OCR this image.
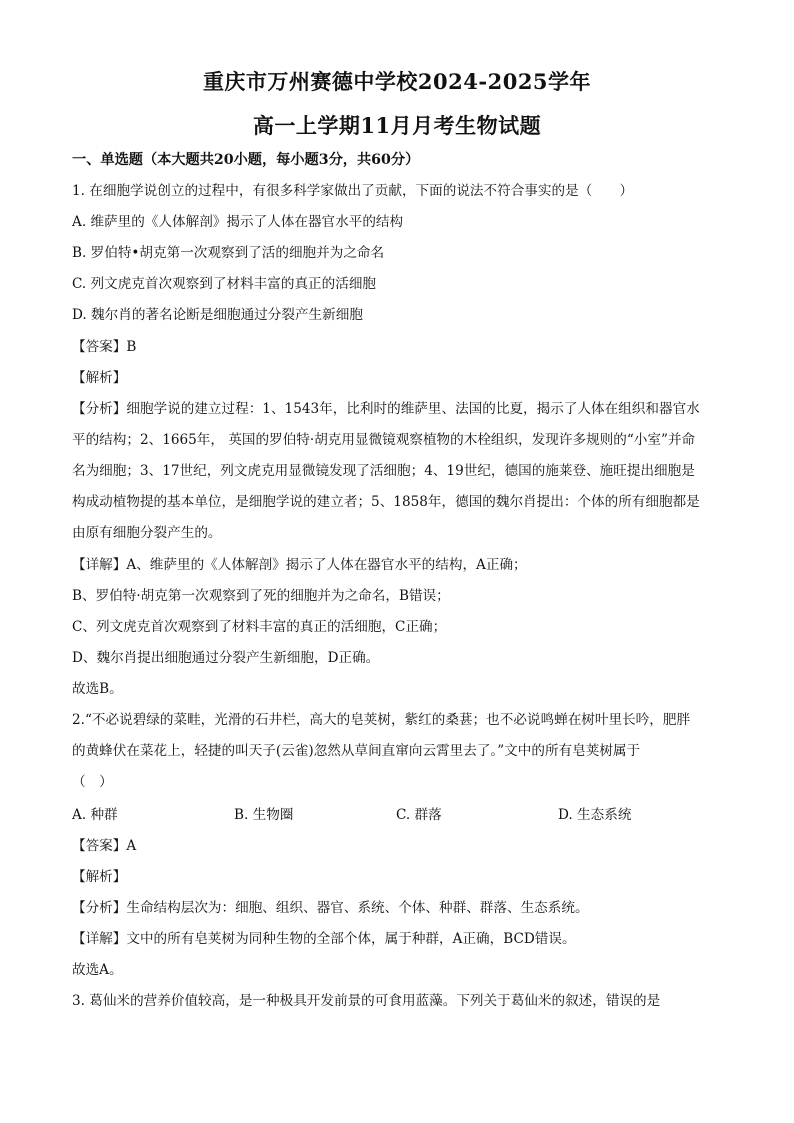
重庆市万州赛德中学校2024-2025学年
高一上学期11月月考生物试题
一、单选题（本大题共20小题，每小题3分，共60分）
1. 在细胞学说创立的过程中，有很多科学家做出了贡献，下面的说法不符合事实的是（　　）
A. 维萨里的《人体解剖》揭示了人体在器官水平的结构
B. 罗伯特•胡克第一次观察到了活的细胞并为之命名
C. 列文虎克首次观察到了材料丰富的真正的活细胞
D. 魏尔肖的著名论断是细胞通过分裂产生新细胞
【答案】B
【解析】
【分析】细胞学说的建立过程：1、1543年，比利时的维萨里、法国的比夏，揭示了人体在组织和器官水
平的结构；2、1665年， 英国的罗伯特·胡克用显微镜观察植物的木栓组织，发现许多规则的“小室”并命
名为细胞；3、17世纪，列文虎克用显微镜发现了活细胞；4、19世纪，德国的施莱登、施旺提出细胞是
构成动植物提的基本单位，是细胞学说的建立者；5、1858年，德国的魏尔肖提出：个体的所有细胞都是
由原有细胞分裂产生的。
【详解】A、维萨里的《人体解剖》揭示了人体在器官水平的结构，A正确；
B、罗伯特·胡克第一次观察到了死的细胞并为之命名，B错误；
C、列文虎克首次观察到了材料丰富的真正的活细胞，C正确；
D、魏尔肖提出细胞通过分裂产生新细胞，D正确。
故选B。
2.“不必说碧绿的菜畦，光滑的石井栏，高大的皂荚树，紫红的桑葚；也不必说鸣蝉在树叶里长吟，肥胖
的黄蜂伏在菜花上，轻捷的叫天子(云雀)忽然从草间直窜向云霄里去了。”文中的所有皂荚树属于
（　）
A. 种群	B. 生物圈	C. 群落	D. 生态系统
【答案】A
【解析】
【分析】生命结构层次为：细胞、组织、器官、系统、个体、种群、群落、生态系统。
【详解】文中的所有皂荚树为同种生物的全部个体，属于种群，A正确，BCD错误。
故选A。
3. 葛仙米的营养价值较高，是一种极具开发前景的可食用蓝藻。下列关于葛仙米的叙述，错误的是
